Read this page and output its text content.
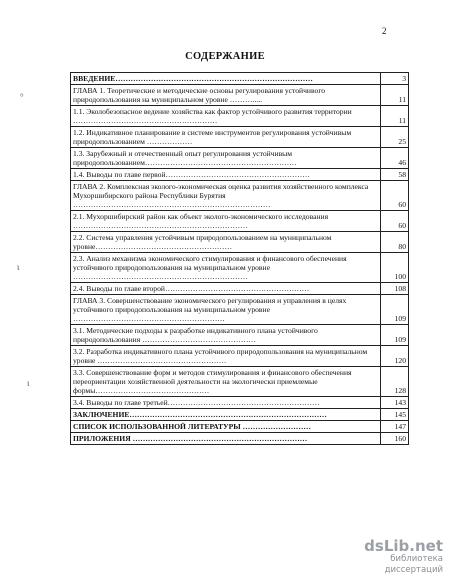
2
°
ɩ
ɩ
СОДЕРЖАНИЕ
ВВЕДЕНИЕ……………………………………………………………………	3
ГЛАВА 1. Теоретические и методические основы регулирования устойчивого природопользования на муниципальном уровне ……….....	11
1.1. Эколобезопасное ведение хозяйства как фактор устойчивого развития территории …………………………………………………	11
1.2. Индикативное планирование в системе инструментов регулирования устойчивым природопользованием ………………	25
1.3. Зарубежный и отечественный опыт регулирования устойчивым природопользованием……………………………………………………	46
1.4. Выводы по главе первой…………………………………………………	58
ГЛАВА 2. Комплексная эколого-экономическая оценка развития хозяйственного комплекса Мухоршибирского района Республики Бурятия ……………………………………………………………………	60
2.1. Мухоршибирский район как объект эколого-экономического исследования ……………………………………………………………	60
2.2. Система управления устойчивым природопользованием на муниципальном уровне………………………………………………	80
2.3. Анализ механизма экономического стимулирования и финансового обеспечения устойчивого природопользования на муниципальном уровне ……………………………………………………………	100
2.4. Выводы по главе второй…………………………………………………	108
ГЛАВА 3. Совершенствование экономического регулирования и управления в целях устойчивого природопользования на муниципальном уровне ……………………………………………………	109
3.1. Методические подходы к разработке индикативного плана устойчивого природопользования ………………………………………	109
3.2. Разработка индикативного плана устойчивого природопользования на муниципальном уровне ……………………………………………	120
3.3. Совершенствование форм и методов стимулирования и финансового обеспечения переориентации хозяйственной деятельности на экологически приемлемые формы………………………………………	128
3.4. Выводы по главе третьей……………………………………………………	143
ЗАКЛЮЧЕНИЕ……………………………………………………………………	145
СПИСОК ИСПОЛЬЗОВАННОЙ ЛИТЕРАТУРЫ ………………………	147
ПРИЛОЖЕНИЯ ……………………………………………………………	160
dsLib.net
библиотека диссертаций
